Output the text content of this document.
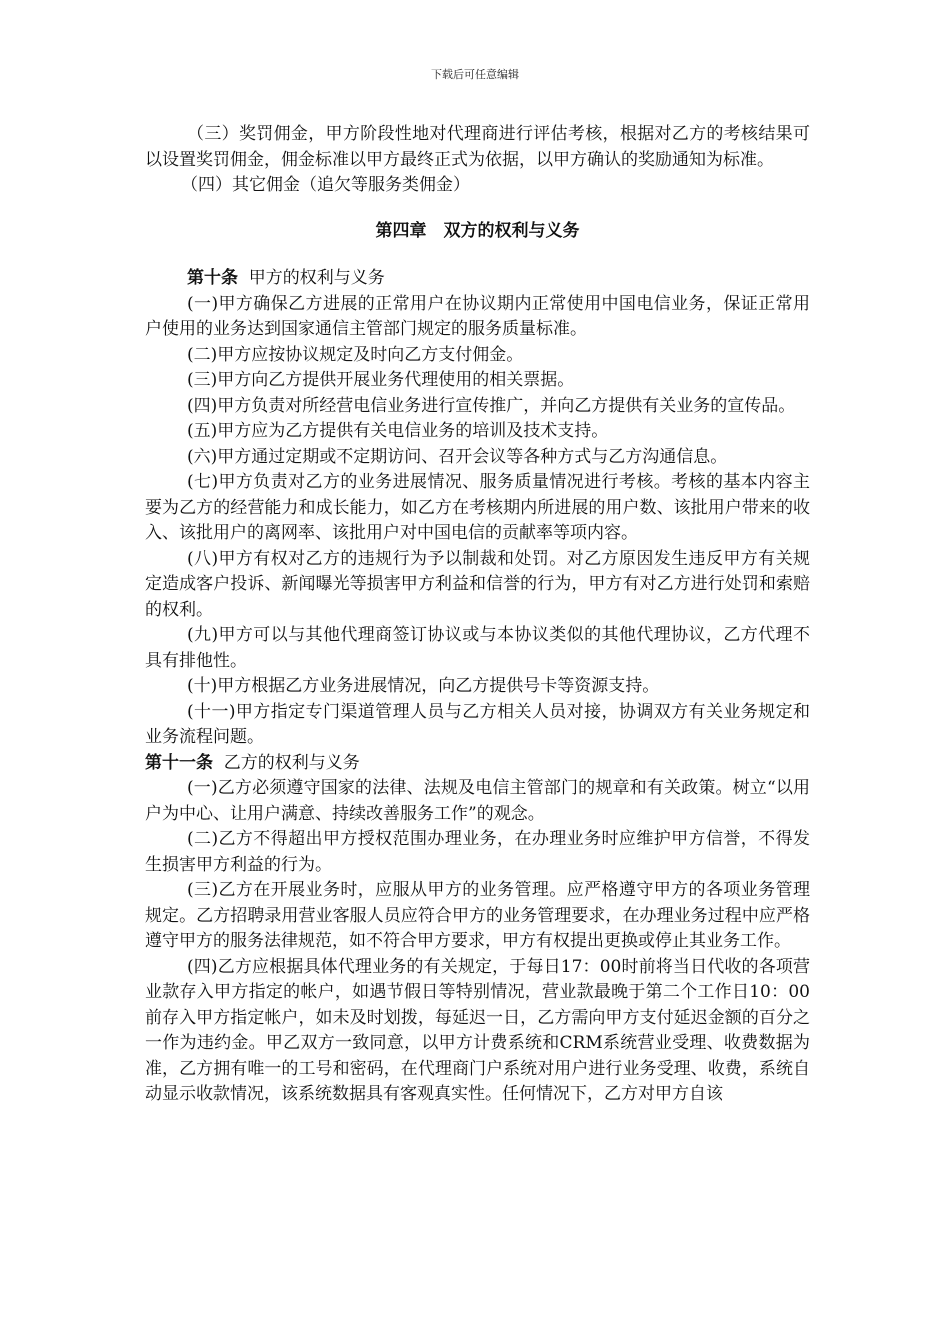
下载后可任意编辑

（三）奖罚佣金，甲方阶段性地对代理商进行评估考核，根据对乙方的考核结果可以设置奖罚佣金，佣金标准以甲方最终正式为依据，以甲方确认的奖励通知为标准。

（四）其它佣金（追欠等服务类佣金）

第四章　双方的权利与义务

第十条  甲方的权利与义务

(一)甲方确保乙方进展的正常用户在协议期内正常使用中国电信业务，保证正常用户使用的业务达到国家通信主管部门规定的服务质量标准。

(二)甲方应按协议规定及时向乙方支付佣金。

(三)甲方向乙方提供开展业务代理使用的相关票据。

(四)甲方负责对所经营电信业务进行宣传推广，并向乙方提供有关业务的宣传品。

(五)甲方应为乙方提供有关电信业务的培训及技术支持。

(六)甲方通过定期或不定期访问、召开会议等各种方式与乙方沟通信息。

(七)甲方负责对乙方的业务进展情况、服务质量情况进行考核。考核的基本内容主要为乙方的经营能力和成长能力，如乙方在考核期内所进展的用户数、该批用户带来的收入、该批用户的离网率、该批用户对中国电信的贡献率等项内容。

(八)甲方有权对乙方的违规行为予以制裁和处罚。对乙方原因发生违反甲方有关规定造成客户投诉、新闻曝光等损害甲方利益和信誉的行为，甲方有对乙方进行处罚和索赔的权利。

(九)甲方可以与其他代理商签订协议或与本协议类似的其他代理协议，乙方代理不具有排他性。

(十)甲方根据乙方业务进展情况，向乙方提供号卡等资源支持。

(十一)甲方指定专门渠道管理人员与乙方相关人员对接，协调双方有关业务规定和业务流程问题。

第十一条  乙方的权利与义务

(一)乙方必须遵守国家的法律、法规及电信主管部门的规章和有关政策。树立“以用户为中心、让用户满意、持续改善服务工作”的观念。

(二)乙方不得超出甲方授权范围办理业务，在办理业务时应维护甲方信誉，不得发生损害甲方利益的行为。

(三)乙方在开展业务时，应服从甲方的业务管理。应严格遵守甲方的各项业务管理规定。乙方招聘录用营业客服人员应符合甲方的业务管理要求，在办理业务过程中应严格遵守甲方的服务法律规范，如不符合甲方要求，甲方有权提出更换或停止其业务工作。

(四)乙方应根据具体代理业务的有关规定，于每日17：00时前将当日代收的各项营业款存入甲方指定的帐户，如遇节假日等特别情况，营业款最晚于第二个工作日10：00前存入甲方指定帐户，如未及时划拨，每延迟一日，乙方需向甲方支付延迟金额的百分之一作为违约金。甲乙双方一致同意，以甲方计费系统和CRM系统营业受理、收费数据为准，乙方拥有唯一的工号和密码，在代理商门户系统对用户进行业务受理、收费，系统自动显示收款情况，该系统数据具有客观真实性。任何情况下，乙方对甲方自该
